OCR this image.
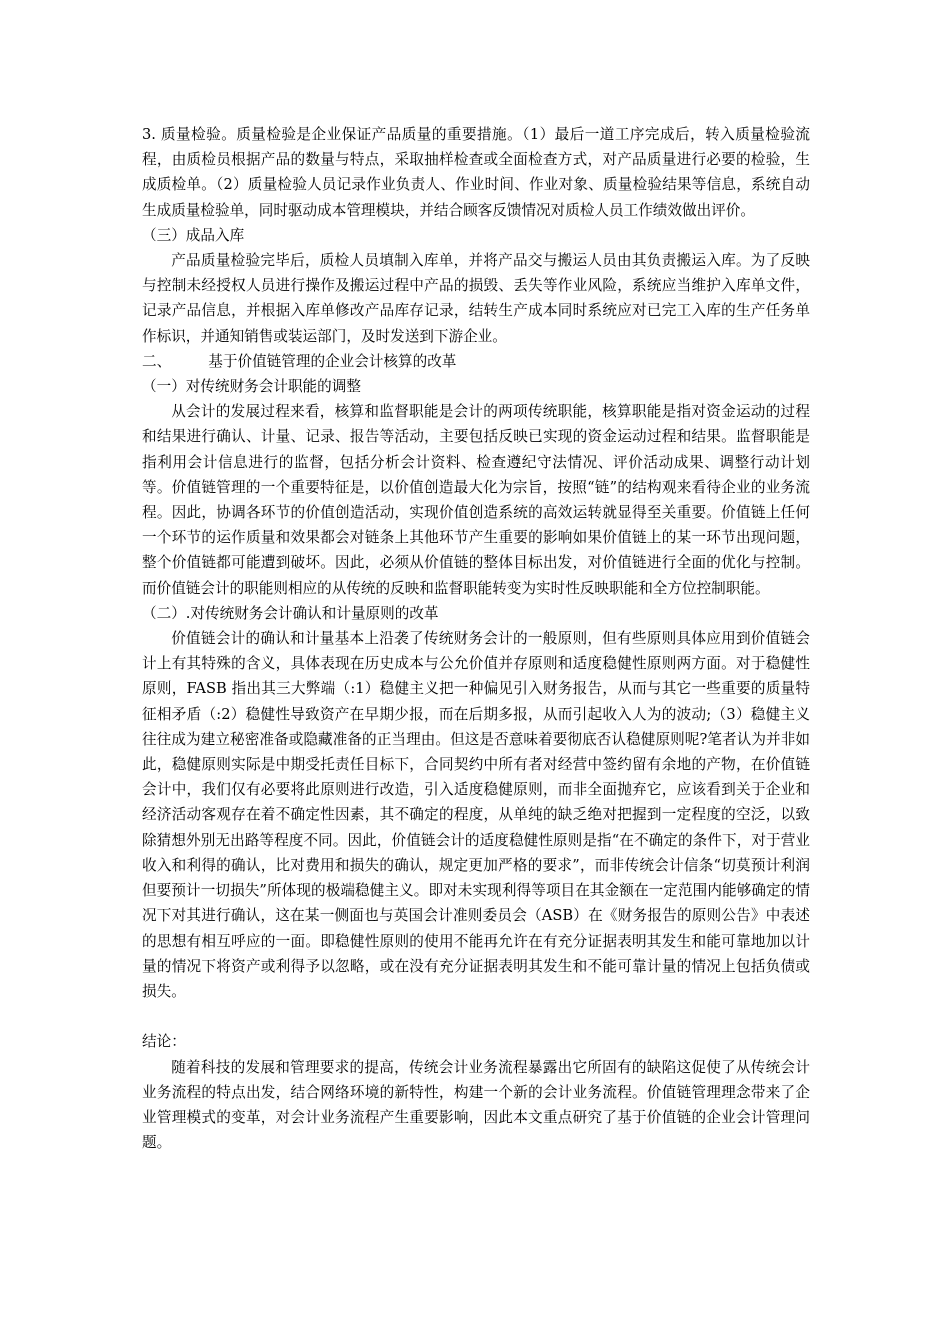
3. 质量检验。质量检验是企业保证产品质量的重要措施。（1）最后一道工序完成后，转入质量检验流程，由质检员根据产品的数量与特点，采取抽样检查或全面检查方式，对产品质量进行必要的检验，生成质检单。（2）质量检验人员记录作业负责人、作业时间、作业对象、质量检验结果等信息，系统自动生成质量检验单，同时驱动成本管理模块，并结合顾客反馈情况对质检人员工作绩效做出评价。

（三）成品入库

产品质量检验完毕后，质检人员填制入库单，并将产品交与搬运人员由其负责搬运入库。为了反映与控制未经授权人员进行操作及搬运过程中产品的损毁、丢失等作业风险，系统应当维护入库单文件，记录产品信息，并根据入库单修改产品库存记录，结转生产成本同时系统应对已完工入库的生产任务单作标识，并通知销售或装运部门，及时发送到下游企业。

二、        基于价值链管理的企业会计核算的改革

（一）对传统财务会计职能的调整

从会计的发展过程来看，核算和监督职能是会计的两项传统职能，核算职能是指对资金运动的过程和结果进行确认、计量、记录、报告等活动，主要包括反映已实现的资金运动过程和结果。监督职能是指利用会计信息进行的监督，包括分析会计资料、检查遵纪守法情况、评价活动成果、调整行动计划等。价值链管理的一个重要特征是，以价值创造最大化为宗旨，按照“链”的结构观来看待企业的业务流程。因此，协调各环节的价值创造活动，实现价值创造系统的高效运转就显得至关重要。价值链上任何一个环节的运作质量和效果都会对链条上其他环节产生重要的影响如果价值链上的某一环节出现问题，整个价值链都可能遭到破坏。因此，必须从价值链的整体目标出发，对价值链进行全面的优化与控制。而价值链会计的职能则相应的从传统的反映和监督职能转变为实时性反映职能和全方位控制职能。

（二）.对传统财务会计确认和计量原则的改革

价值链会计的确认和计量基本上沿袭了传统财务会计的一般原则，但有些原则具体应用到价值链会计上有其特殊的含义，具体表现在历史成本与公允价值并存原则和适度稳健性原则两方面。对于稳健性原则，FASB 指出其三大弊端（:1）稳健主义把一种偏见引入财务报告，从而与其它一些重要的质量特征相矛盾（:2）稳健性导致资产在早期少报，而在后期多报，从而引起收入人为的波动;（3）稳健主义往往成为建立秘密准备或隐藏准备的正当理由。但这是否意味着要彻底否认稳健原则呢?笔者认为并非如此，稳健原则实际是中期受托责任目标下，合同契约中所有者对经营中签约留有余地的产物，在价值链会计中，我们仅有必要将此原则进行改造，引入适度稳健原则，而非全面抛弃它，应该看到关于企业和经济活动客观存在着不确定性因素，其不确定的程度，从单纯的缺乏绝对把握到一定程度的空泛，以致除猜想外别无出路等程度不同。因此，价值链会计的适度稳健性原则是指“在不确定的条件下，对于营业收入和利得的确认，比对费用和损失的确认，规定更加严格的要求”，而非传统会计信条“切莫预计利润但要预计一切损失”所体现的极端稳健主义。即对未实现利得等项目在其金额在一定范围内能够确定的情况下对其进行确认，这在某一侧面也与英国会计准则委员会（ASB）在《财务报告的原则公告》中表述的思想有相互呼应的一面。即稳健性原则的使用不能再允许在有充分证据表明其发生和能可靠地加以计量的情况下将资产或利得予以忽略，或在没有充分证据表明其发生和不能可靠计量的情况上包括负债或损失。

结论：

随着科技的发展和管理要求的提高，传统会计业务流程暴露出它所固有的缺陷这促使了从传统会计业务流程的特点出发，结合网络环境的新特性，构建一个新的会计业务流程。价值链管理理念带来了企业管理模式的变革，对会计业务流程产生重要影响，因此本文重点研究了基于价值链的企业会计管理问题。
